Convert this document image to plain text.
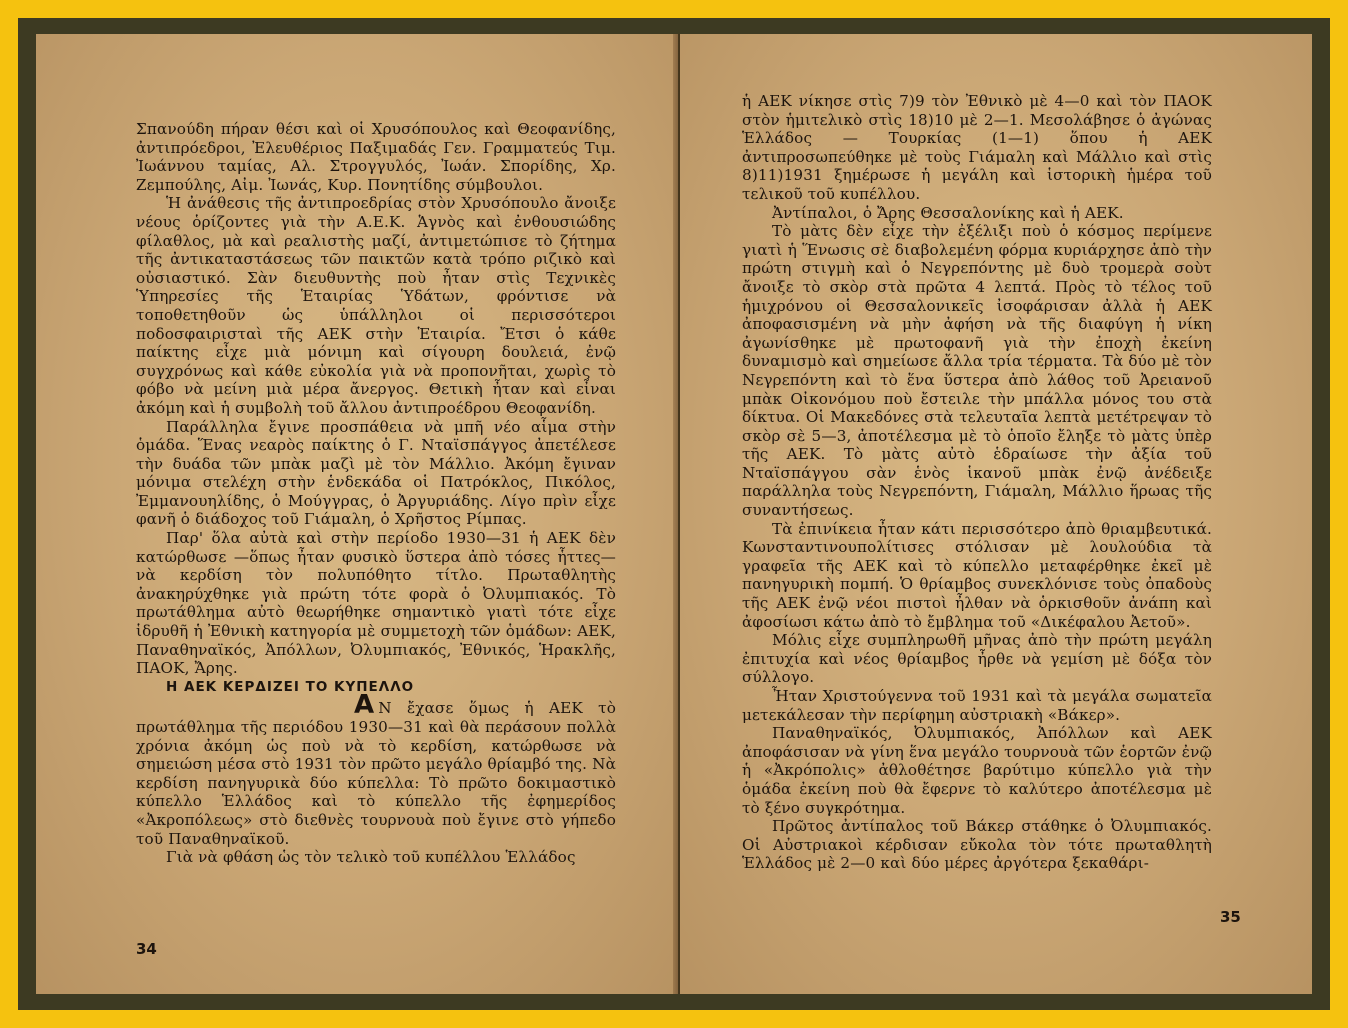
Σπανούδη πήραν θέσι καὶ οἱ Χρυσόπουλος καὶ Θεοφανίδης, ἀντιπρόεδροι, Ἐλευθέριος Παξιμαδάς Γεν. Γραμματεύς Τιμ. Ἰωάννου ταμίας, Αλ. Στρογγυλός, Ἰωάν. Σπορίδης, Χρ. Ζεμπούλης, Αἰμ. Ἰωνάς, Κυρ. Πονητίδης σύμβουλοι.

Ἡ ἀνάθεσις τῆς ἀντιπροεδρίας στὸν Χρυσόπουλο ἄνοιξε νέους ὁρίζοντες γιὰ τὴν Α.Ε.Κ. Ἁγνὸς καὶ ἐνθουσιώδης φίλαθλος, μὰ καὶ ρεαλιστὴς μαζί, ἀντιμετώπισε τὸ ζήτημα τῆς ἀντικαταστάσεως τῶν παικτῶν κατὰ τρόπο ριζικὸ καὶ οὐσιαστικό. Σὰν διευθυντὴς ποὺ ἦταν στὶς Τεχνικὲς Ὑπηρεσίες τῆς Ἑταιρίας Ὑδάτων, φρόντισε νὰ τοποθετηθοῦν ὡς ὑπάλληλοι οἱ περισσότεροι ποδοσφαιρισταὶ τῆς ΑΕΚ στὴν Ἑταιρία. Ἔτσι ὁ κάθε παίκτης εἶχε μιὰ μόνιμη καὶ σίγουρη δουλειά, ἐνῷ συγχρόνως καὶ κάθε εὐκολία γιὰ νὰ προπονῆται, χωρὶς τὸ φόβο νὰ μείνη μιὰ μέρα ἄνεργος. Θετικὴ ἦταν καὶ εἶναι ἀκόμη καὶ ἡ συμβολὴ τοῦ ἄλλου ἀντιπροέδρου Θεοφανίδη.

Παράλληλα ἔγινε προσπάθεια νὰ μπῆ νέο αἷμα στὴν ὁμάδα. Ἕνας νεαρὸς παίκτης ὁ Γ. Νταϊσπάγγος ἀπετέλεσε τὴν δυάδα τῶν μπὰκ μαζὶ μὲ τὸν Μάλλιο. Ἀκόμη ἔγιναν μόνιμα στελέχη στὴν ἑνδεκάδα οἱ Πατρόκλος, Πικόλος, Ἐμμανουηλίδης, ὁ Μούγγρας, ὁ Ἀργυριάδης. Λίγο πρὶν εἶχε φανῆ ὁ διάδοχος τοῦ Γιάμαλη, ὁ Χρῆστος Ρίμπας.

Παρ' ὅλα αὐτὰ καὶ στὴν περίοδο 1930—31 ἡ ΑΕΚ δὲν κατώρθωσε —ὅπως ἦταν φυσικὸ ὕστερα ἀπὸ τόσες ἧττες— νὰ κερδίση τὸν πολυπόθητο τίτλο. Πρωταθλητὴς ἀνακηρύχθηκε γιὰ πρώτη τότε φορὰ ὁ Ὀλυμπιακός. Τὸ πρωτάθλημα αὐτὸ θεωρήθηκε σημαντικὸ γιατὶ τότε εἶχε ἱδρυθῆ ἡ Ἐθνικὴ κατηγορία μὲ συμμετοχὴ τῶν ὁμάδων: ΑΕΚ, Παναθηναϊκός, Ἀπόλλων, Ὀλυμπιακός, Ἐθνικός, Ἡρακλῆς, ΠΑΟΚ, Ἄρης.

Η ΑΕΚ ΚΕΡΔΙΖΕΙ ΤΟ ΚΥΠΕΛΛΟ

Α Ν ἔχασε ὅμως ἡ ΑΕΚ τὸ πρωτάθλημα τῆς περιόδου 1930—31 καὶ θὰ περάσουν πολλὰ χρόνια ἀκόμη ὡς ποὺ νὰ τὸ κερδίση, κατώρθωσε νὰ σημειώση μέσα στὸ 1931 τὸν πρῶτο μεγάλο θρίαμβό της. Νὰ κερδίση πανηγυρικὰ δύο κύπελλα: Τὸ πρῶτο δοκιμαστικὸ κύπελλο Ἑλλάδος καὶ τὸ κύπελλο τῆς ἐφημερίδος «Ἀκροπόλεως» στὸ διεθνὲς τουρνουὰ ποὺ ἔγινε στὸ γήπεδο τοῦ Παναθηναϊκοῦ.

Γιὰ νὰ φθάση ὡς τὸν τελικὸ τοῦ κυπέλλου Ἑλλάδος

34

ἡ ΑΕΚ νίκησε στὶς 7)9 τὸν Ἐθνικὸ μὲ 4—0 καὶ τὸν ΠΑΟΚ στὸν ἡμιτελικὸ στὶς 18)10 μὲ 2—1. Μεσολάβησε ὁ ἀγώνας Ἑλλάδος — Τουρκίας (1—1) ὅπου ἡ ΑΕΚ ἀντιπροσωπεύθηκε μὲ τοὺς Γιάμαλη καὶ Μάλλιο καὶ στὶς 8)11)1931 ξημέρωσε ἡ μεγάλη καὶ ἱστορικὴ ἡμέρα τοῦ τελικοῦ τοῦ κυπέλλου.

Ἀντίπαλοι, ὁ Ἄρης Θεσσαλονίκης καὶ ἡ ΑΕΚ.

Τὸ μὰτς δὲν εἶχε τὴν ἐξέλιξι ποὺ ὁ κόσμος περίμενε γιατὶ ἡ Ἕνωσις σὲ διαβολεμένη φόρμα κυριάρχησε ἀπὸ τὴν πρώτη στιγμὴ καὶ ὁ Νεγρεπόντης μὲ δυὸ τρομερὰ σοὺτ ἄνοιξε τὸ σκὸρ στὰ πρῶτα 4 λεπτά. Πρὸς τὸ τέλος τοῦ ἡμιχρόνου οἱ Θεσσαλονικεῖς ἰσοφάρισαν ἀλλὰ ἡ ΑΕΚ ἀποφασισμένη νὰ μὴν ἀφήση νὰ τῆς διαφύγη ἡ νίκη ἀγωνίσθηκε μὲ πρωτοφανῆ γιὰ τὴν ἐποχὴ ἐκείνη δυναμισμὸ καὶ σημείωσε ἄλλα τρία τέρματα. Τὰ δύο μὲ τὸν Νεγρεπόντη καὶ τὸ ἕνα ὕστερα ἀπὸ λάθος τοῦ Ἀρειανοῦ μπὰκ Οἰκονόμου ποὺ ἔστειλε τὴν μπάλλα μόνος του στὰ δίκτυα. Οἱ Μακεδόνες στὰ τελευταῖα λεπτὰ μετέτρεψαν τὸ σκὸρ σὲ 5—3, ἀποτέλεσμα μὲ τὸ ὁποῖο ἔληξε τὸ μὰτς ὑπὲρ τῆς ΑΕΚ. Τὸ μὰτς αὐτὸ ἑδραίωσε τὴν ἀξία τοῦ Νταϊσπάγγου σὰν ἑνὸς ἱκανοῦ μπὰκ ἐνῷ ἀνέδειξε παράλληλα τοὺς Νεγρεπόντη, Γιάμαλη, Μάλλιο ἥρωας τῆς συναντήσεως.

Τὰ ἐπινίκεια ἦταν κάτι περισσότερο ἀπὸ θριαμβευτικά. Κωνσταντινουπολίτισες στόλισαν μὲ λουλούδια τὰ γραφεῖα τῆς ΑΕΚ καὶ τὸ κύπελλο μεταφέρθηκε ἐκεῖ μὲ πανηγυρικὴ πομπή. Ὁ θρίαμβος συνεκλόνισε τοὺς ὀπαδοὺς τῆς ΑΕΚ ἐνῷ νέοι πιστοὶ ἦλθαν νὰ ὁρκισθοῦν ἀνάπη καὶ ἀφοσίωσι κάτω ἀπὸ τὸ ἔμβλημα τοῦ «Δικέφαλου Ἀετοῦ».

Μόλις εἶχε συμπληρωθῆ μῆνας ἀπὸ τὴν πρώτη μεγάλη ἐπιτυχία καὶ νέος θρίαμβος ἦρθε νὰ γεμίση μὲ δόξα τὸν σύλλογο.

Ἦταν Χριστούγεννα τοῦ 1931 καὶ τὰ μεγάλα σωματεῖα μετεκάλεσαν τὴν περίφημη αὐστριακὴ «Βάκερ».

Παναθηναϊκός, Ὀλυμπιακός, Ἀπόλλων καὶ ΑΕΚ ἀποφάσισαν νὰ γίνη ἕνα μεγάλο τουρνουὰ τῶν ἑορτῶν ἐνῷ ἡ «Ἀκρόπολις» ἀθλοθέτησε βαρύτιμο κύπελλο γιὰ τὴν ὁμάδα ἐκείνη ποὺ θὰ ἔφερνε τὸ καλύτερο ἀποτέλεσμα μὲ τὸ ξένο συγκρότημα.

Πρῶτος ἀντίπαλος τοῦ Βάκερ στάθηκε ὁ Ὀλυμπιακός. Οἱ Αὐστριακοὶ κέρδισαν εὔκολα τὸν τότε πρωταθλητὴ Ἑλλάδος μὲ 2—0 καὶ δύο μέρες ἀργότερα ξεκαθάρι-

35
